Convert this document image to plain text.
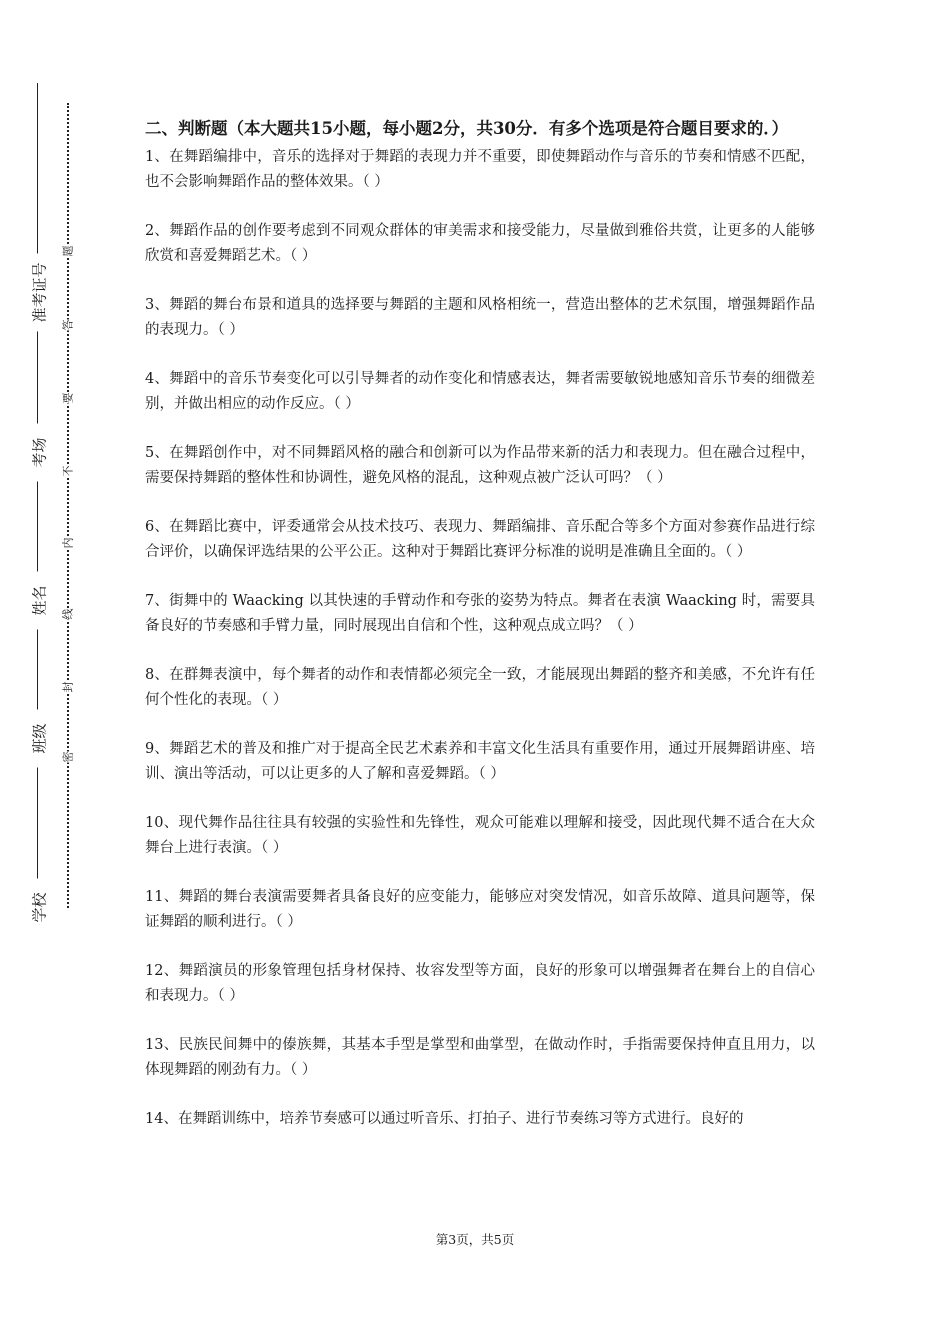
准考证号
考场
姓名
班级
学校
题
答
要
不
内
线
封
密
二、判断题（本大题共15小题，每小题2分，共30分．有多个选项是符合题目要求的．）

1、在舞蹈编排中，音乐的选择对于舞蹈的表现力并不重要，即使舞蹈动作与音乐的节奏和情感不匹配，也不会影响舞蹈作品的整体效果。（ ）

2、舞蹈作品的创作要考虑到不同观众群体的审美需求和接受能力，尽量做到雅俗共赏，让更多的人能够欣赏和喜爱舞蹈艺术。（ ）

3、舞蹈的舞台布景和道具的选择要与舞蹈的主题和风格相统一，营造出整体的艺术氛围，增强舞蹈作品的表现力。（ ）

4、舞蹈中的音乐节奏变化可以引导舞者的动作变化和情感表达，舞者需要敏锐地感知音乐节奏的细微差别，并做出相应的动作反应。（ ）

5、在舞蹈创作中，对不同舞蹈风格的融合和创新可以为作品带来新的活力和表现力。但在融合过程中，需要保持舞蹈的整体性和协调性，避免风格的混乱，这种观点被广泛认可吗？（ ）

6、在舞蹈比赛中，评委通常会从技术技巧、表现力、舞蹈编排、音乐配合等多个方面对参赛作品进行综合评价，以确保评选结果的公平公正。这种对于舞蹈比赛评分标准的说明是准确且全面的。（ ）

7、街舞中的 Waacking 以其快速的手臂动作和夸张的姿势为特点。舞者在表演 Waacking 时，需要具备良好的节奏感和手臂力量，同时展现出自信和个性，这种观点成立吗？（ ）

8、在群舞表演中，每个舞者的动作和表情都必须完全一致，才能展现出舞蹈的整齐和美感，不允许有任何个性化的表现。（ ）

9、舞蹈艺术的普及和推广对于提高全民艺术素养和丰富文化生活具有重要作用，通过开展舞蹈讲座、培训、演出等活动，可以让更多的人了解和喜爱舞蹈。（ ）

10、现代舞作品往往具有较强的实验性和先锋性，观众可能难以理解和接受，因此现代舞不适合在大众舞台上进行表演。（ ）

11、舞蹈的舞台表演需要舞者具备良好的应变能力，能够应对突发情况，如音乐故障、道具问题等，保证舞蹈的顺利进行。（ ）

12、舞蹈演员的形象管理包括身材保持、妆容发型等方面，良好的形象可以增强舞者在舞台上的自信心和表现力。（ ）

13、民族民间舞中的傣族舞，其基本手型是掌型和曲掌型，在做动作时，手指需要保持伸直且用力，以体现舞蹈的刚劲有力。（ ）

14、在舞蹈训练中，培养节奏感可以通过听音乐、打拍子、进行节奏练习等方式进行。良好的

第3页，共5页
